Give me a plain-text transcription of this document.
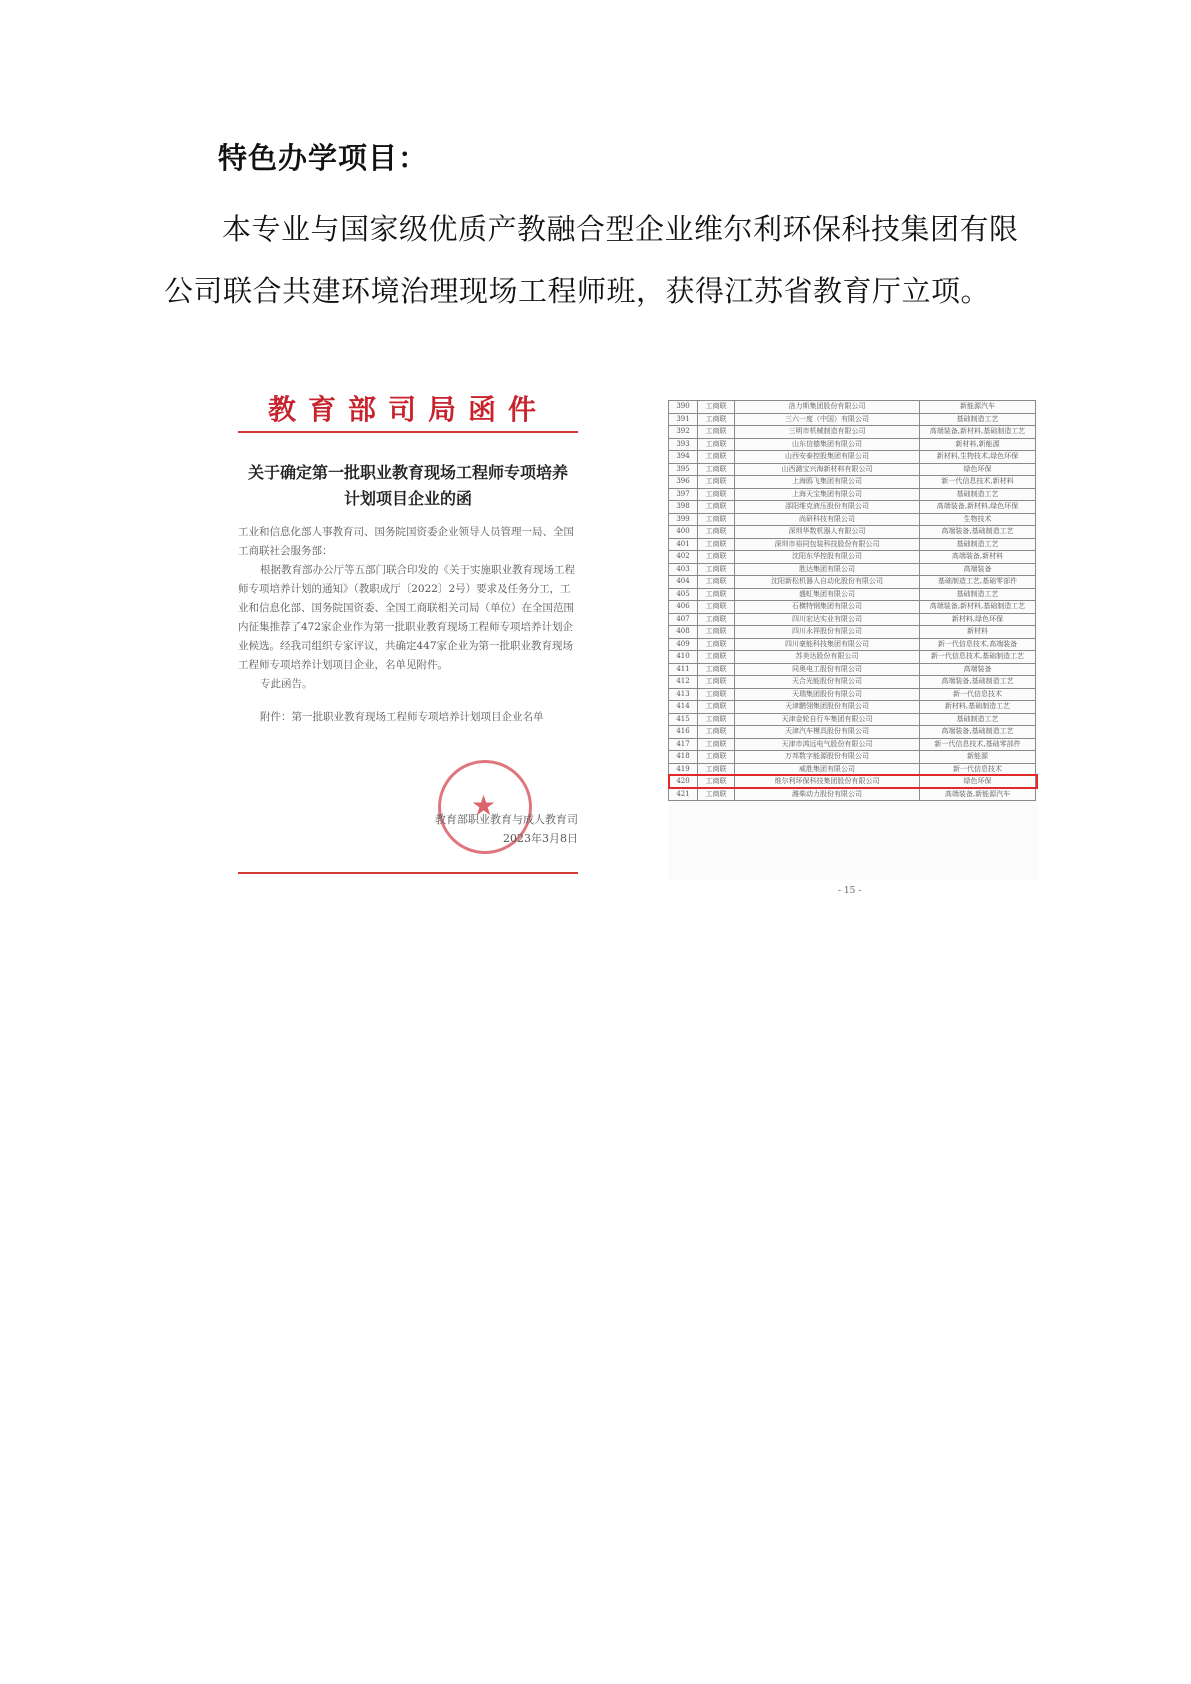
特色办学项目：
本专业与国家级优质产教融合型企业维尔利环保科技集团有限公司联合共建环境治理现场工程师班，获得江苏省教育厅立项。
教育部司局函件
关于确定第一批职业教育现场工程师专项培养
计划项目企业的函

工业和信息化部人事教育司、国务院国资委企业领导人员管理一局、全国工商联社会服务部：

根据教育部办公厅等五部门联合印发的《关于实施职业教育现场工程师专项培养计划的通知》（教职成厅〔2022〕2号）要求及任务分工，工业和信息化部、国务院国资委、全国工商联相关司局（单位）在全国范围内征集推荐了472家企业作为第一批职业教育现场工程师专项培养计划企业候选。经我司组织专家评议，共确定447家企业为第一批职业教育现场工程师专项培养计划项目企业，名单见附件。

专此函告。

附件：第一批职业教育现场工程师专项培养计划项目企业名单

★
教育部职业教育与成人教育司
2023年3月8日
390	工商联	洛力斯集团股份有限公司	新能源汽车
391	工商联	三六一度（中国）有限公司	基础制造工艺
392	工商联	三明市机械制造有限公司	高端装备,新材料,基础制造工艺
393	工商联	山东信德集团有限公司	新材料,新能源
394	工商联	山西安泰控股集团有限公司	新材料,生物技术,绿色环保
395	工商联	山西潞宝兴海新材料有限公司	绿色环保
396	工商联	上海鸥飞集团有限公司	新一代信息技术,新材料
397	工商联	上海天宝集团有限公司	基础制造工艺
398	工商联	邵阳维克液压股份有限公司	高端装备,新材料,绿色环保
399	工商联	尚研科技有限公司	生物技术
400	工商联	深圳华数机器人有限公司	高端装备,基础制造工艺
401	工商联	深圳市裕同包装科技股份有限公司	基础制造工艺
402	工商联	沈阳东华控股有限公司	高端装备,新材料
403	工商联	胜达集团有限公司	高端装备
404	工商联	沈阳新松机器人自动化股份有限公司	基础制造工艺,基础零部件
405	工商联	盛虹集团有限公司	基础制造工艺
406	工商联	石横特钢集团有限公司	高端装备,新材料,基础制造工艺
407	工商联	四川宏达实业有限公司	新材料,绿色环保
408	工商联	四川永祥股份有限公司	新材料
409	工商联	四川豪能科技集团有限公司	新一代信息技术,高端装备
410	工商联	苏美达股份有限公司	新一代信息技术,基础制造工艺
411	工商联	同奥电工股份有限公司	高端装备
412	工商联	天合光能股份有限公司	高端装备,基础制造工艺
413	工商联	天瑞集团股份有限公司	新一代信息技术
414	工商联	天津鹏翎集团股份有限公司	新材料,基础制造工艺
415	工商联	天津金轮自行车集团有限公司	基础制造工艺
416	工商联	天津汽车模具股份有限公司	高端装备,基础制造工艺
417	工商联	天津市鸿远电气股份有限公司	新一代信息技术,基础零部件
418	工商联	万邦数字能源股份有限公司	新能源
419	工商联	威胜集团有限公司	新一代信息技术
420	工商联	维尔利环保科技集团股份有限公司	绿色环保
421	工商联	潍柴动力股份有限公司	高端装备,新能源汽车
- 15 -
